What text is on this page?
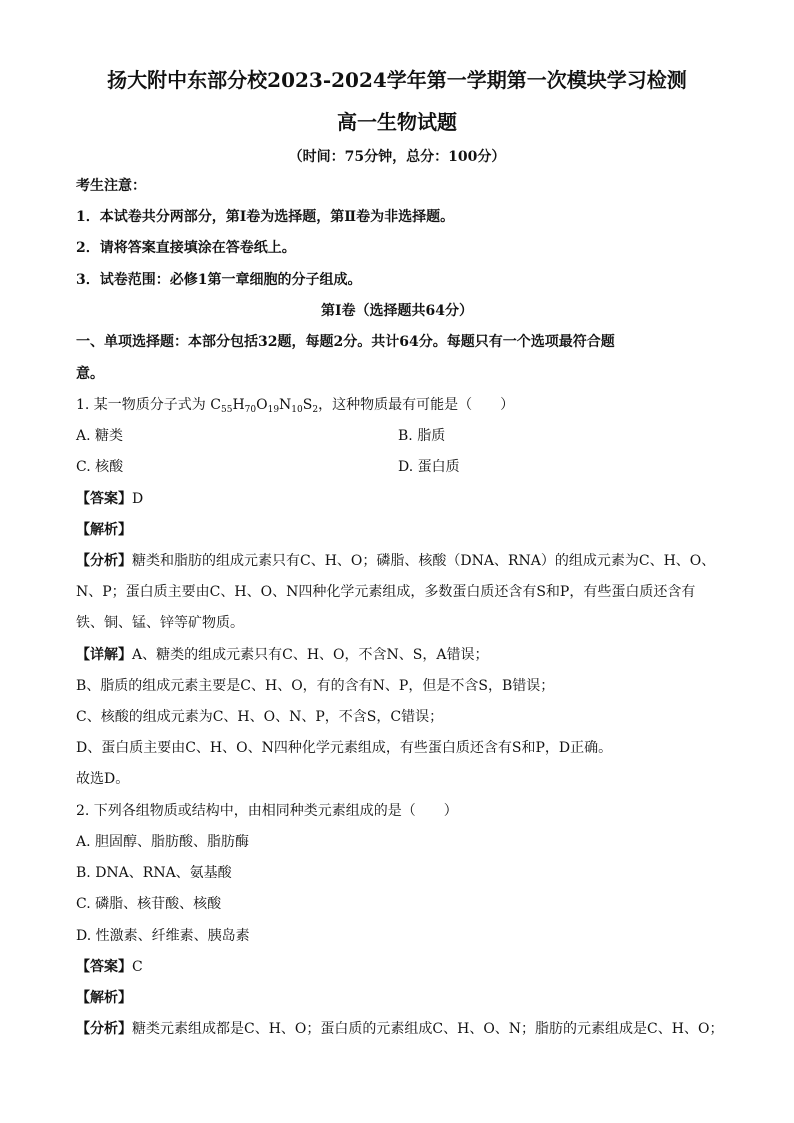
扬大附中东部分校2023-2024学年第一学期第一次模块学习检测
高一生物试题
（时间：75分钟，总分：100分）
考生注意：
1．本试卷共分两部分，第Ⅰ卷为选择题，第Ⅱ卷为非选择题。
2．请将答案直接填涂在答卷纸上。
3．试卷范围：必修1第一章细胞的分子组成。
第Ⅰ卷（选择题共64分）
一、单项选择题：本部分包括32题，每题2分。共计64分。每题只有一个选项最符合题
意。
1. 某一物质分子式为 $C_{55}H_{70}O_{19}N_{10}S_2$，这种物质最有可能是（　　）
A. 糖类	B. 脂质
C. 核酸	D. 蛋白质
【答案】D
【解析】
【分析】糖类和脂肪的组成元素只有C、H、O；磷脂、核酸（DNA、RNA）的组成元素为C、H、O、
N、P；蛋白质主要由C、H、O、N四种化学元素组成，多数蛋白质还含有S和P，有些蛋白质还含有
铁、铜、锰、锌等矿物质。
【详解】A、糖类的组成元素只有C、H、O，不含N、S，A错误；
B、脂质的组成元素主要是C、H、O，有的含有N、P，但是不含S，B错误；
C、核酸的组成元素为C、H、O、N、P，不含S，C错误；
D、蛋白质主要由C、H、O、N四种化学元素组成，有些蛋白质还含有S和P，D正确。
故选D。
2. 下列各组物质或结构中，由相同种类元素组成的是（　　）
A. 胆固醇、脂肪酸、脂肪酶
B. DNA、RNA、氨基酸
C. 磷脂、核苷酸、核酸
D. 性激素、纤维素、胰岛素
【答案】C
【解析】
【分析】糖类元素组成都是C、H、O；蛋白质的元素组成C、H、O、N；脂肪的元素组成是C、H、O；
